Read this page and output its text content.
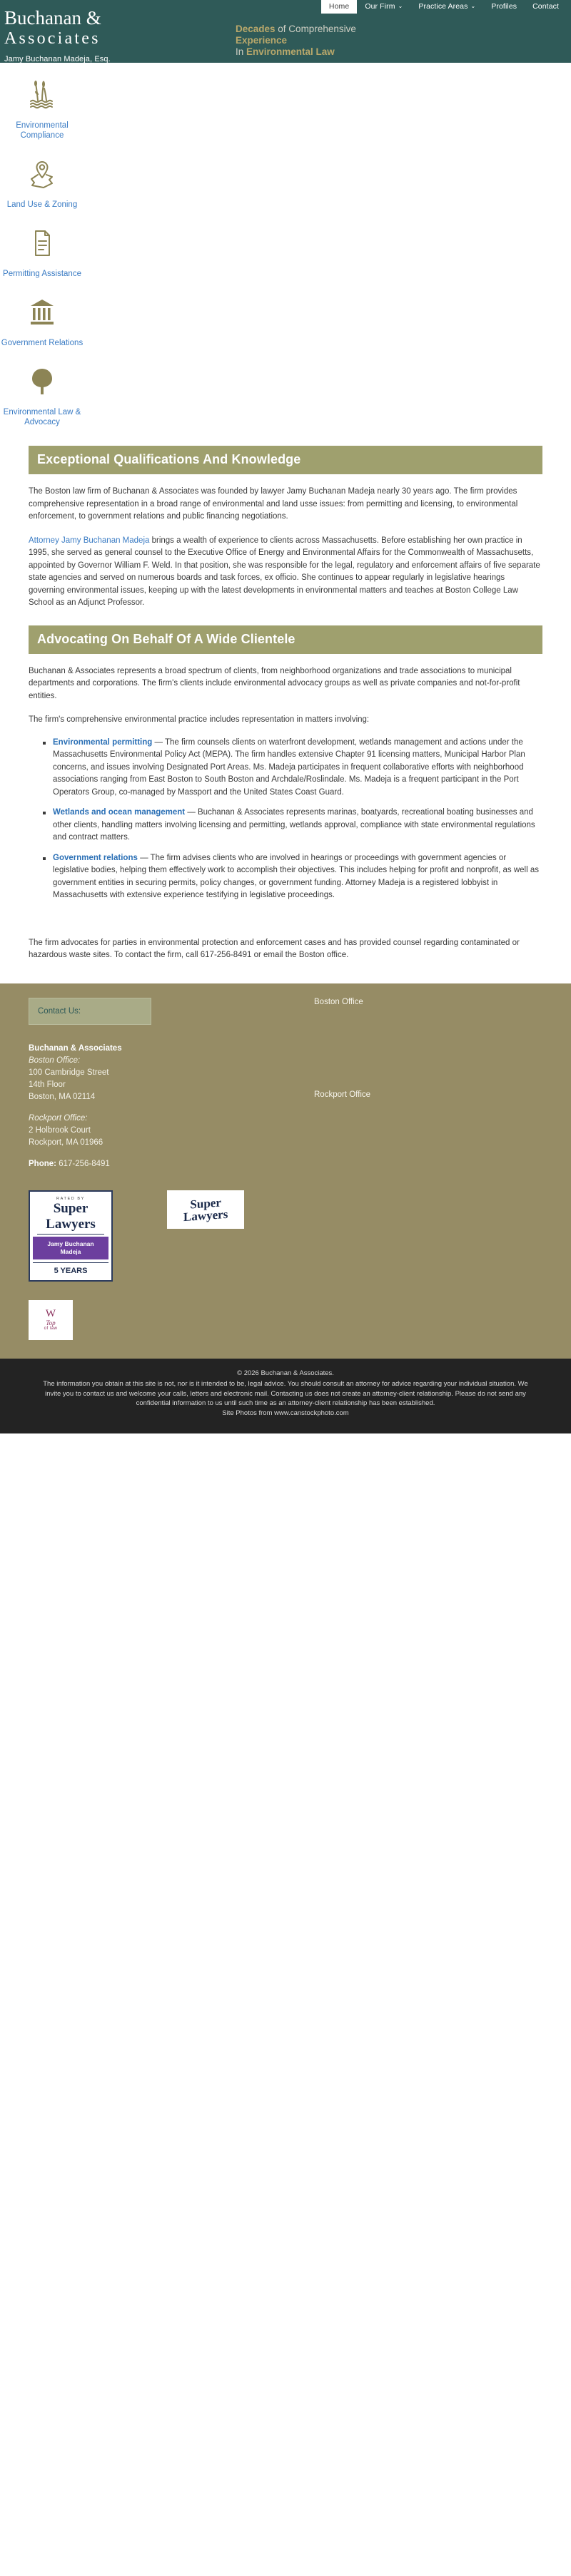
Home	Our Firm ⌄	Practice Areas ⌄	Profiles	Contact
Buchanan &
Associates
Jamy Buchanan Madeja, Esq.
Decades of Comprehensive
Experience
In Environmental Law
Environmental Compliance
Land Use & Zoning
Permitting Assistance
Government Relations
Environmental Law & Advocacy
Exceptional Qualifications And Knowledge

The Boston law firm of Buchanan & Associates was founded by lawyer Jamy Buchanan Madeja nearly 30 years ago. The firm provides comprehensive representation in a broad range of environmental and land usse issues: from permitting and licensing, to environmental enforcement, to government relations and public financing negotiations.

Attorney Jamy Buchanan Madeja brings a wealth of experience to clients across Massachusetts. Before establishing her own practice in 1995, she served as general counsel to the Executive Office of Energy and Environmental Affairs for the Commonwealth of Massachusetts, appointed by Governor William F. Weld. In that position, she was responsible for the legal, regulatory and enforcement affairs of five separate state agencies and served on numerous boards and task forces, ex officio. She continues to appear regularly in legislative hearings governing environmental issues, keeping up with the latest developments in environmental matters and teaches at Boston College Law School as an Adjunct Professor.

Advocating On Behalf Of A Wide Clientele

Buchanan & Associates represents a broad spectrum of clients, from neighborhood organizations and trade associations to municipal departments and corporations. The firm's clients include environmental advocacy groups as well as private companies and not-for-profit entities.

The firm's comprehensive environmental practice includes representation in matters involving:

Environmental permitting — The firm counsels clients on waterfront development, wetlands management and actions under the Massachusetts Environmental Policy Act (MEPA). The firm handles extensive Chapter 91 licensing matters, Municipal Harbor Plan concerns, and issues involving Designated Port Areas. Ms. Madeja participates in frequent collaborative efforts with neighborhood associations ranging from East Boston to South Boston and Archdale/Roslindale. Ms. Madeja is a frequent participant in the Port Operators Group, co-managed by Massport and the United States Coast Guard.
Wetlands and ocean management — Buchanan & Associates represents marinas, boatyards, recreational boating businesses and other clients, handling matters involving licensing and permitting, wetlands approval, compliance with state environmental regulations and contract matters.
Government relations — The firm advises clients who are involved in hearings or proceedings with government agencies or legislative bodies, helping them effectively work to accomplish their objectives. This includes helping for profit and nonprofit, as well as government entities in securing permits, policy changes, or government funding. Attorney Madeja is a registered lobbyist in Massachusetts with extensive experience testifying in legislative proceedings.

The firm advocates for parties in environmental protection and enforcement cases and has provided counsel regarding contaminated or hazardous waste sites. To contact the firm, call 617-256-8491 or email the Boston office.

Contact Us:
Buchanan & Associates
Boston Office:
100 Cambridge Street
14th Floor
Boston, MA 02114
Rockport Office:
2 Holbrook Court
Rockport, MA 01966
Phone: 617-256-8491
Boston Office
Rockport Office
RATED BY
Super Lawyers
Jamy Buchanan
Madeja
5 YEARS
Super
Lawyers
W
Top
of law
© 2026 Buchanan & Associates.
The information you obtain at this site is not, nor is it intended to be, legal advice. You should consult an attorney for advice regarding your individual situation. We invite you to contact us and welcome your calls, letters and electronic mail. Contacting us does not create an attorney-client relationship. Please do not send any confidential information to us until such time as an attorney-client relationship has been established.
Site Photos from www.canstockphoto.com
